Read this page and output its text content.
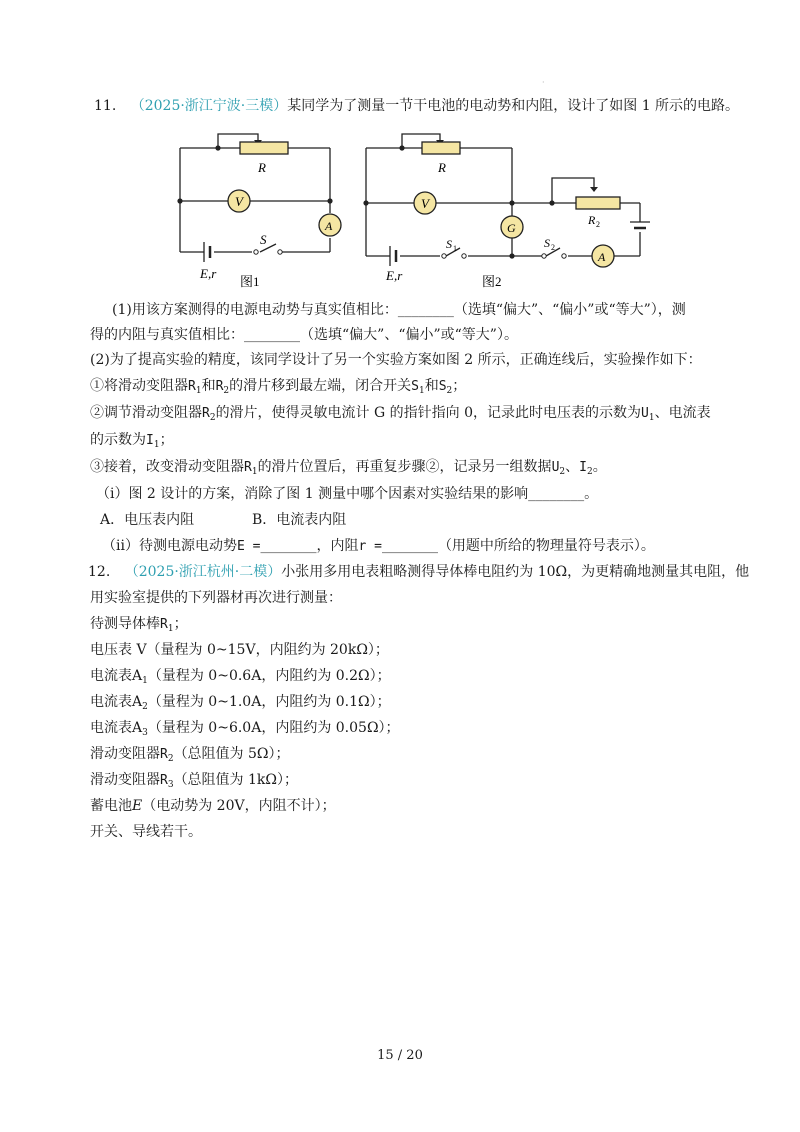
·
11. （2025·浙江宁波·三模）某同学为了测量一节干电池的电动势和内阻，设计了如图 1 所示的电路。
V
A
R
S
E,r
图1
V
G
A
R
R 2
S 1	S 2
E,r	图2
(1)用该方案测得的电源电动势与真实值相比：________（选填“偏大”、“偏小”或“等大”），测
得的内阻与真实值相比：________（选填“偏大”、“偏小”或“等大”）。
(2)为了提高实验的精度，该同学设计了另一个实验方案如图 2 所示，正确连线后，实验操作如下：
①将滑动变阻器$R_1$和$R_2$的滑片移到最左端，闭合开关$S_1$和$S_2$；
②调节滑动变阻器$R_2$的滑片，使得灵敏电流计 G 的指针指向 0，记录此时电压表的示数为$U_1$、电流表
的示数为$I_1$；
③接着，改变滑动变阻器$R_1$的滑片位置后，再重复步骤②，记录另一组数据$U_2$、$I_2$。
（i）图 2 设计的方案，消除了图 1 测量中哪个因素对实验结果的影响________。
A．电压表内阻	B．电流表内阻
（ii）待测电源电动势E =________，内阻r =________（用题中所给的物理量符号表示）。
12. （2025·浙江杭州·二模）小张用多用电表粗略测得导体棒电阻约为 10Ω，为更精确地测量其电阻，他
用实验室提供的下列器材再次进行测量：
待测导体棒$R_1$；
电压表 V（量程为 0~15V，内阻约为 20kΩ）；
电流表$A_1$（量程为 0~0.6A，内阻约为 0.2Ω）；
电流表$A_2$（量程为 0~1.0A，内阻约为 0.1Ω）；
电流表$A_3$（量程为 0~6.0A，内阻约为 0.05Ω）；
滑动变阻器$R_2$（总阻值为 5Ω）；
滑动变阻器$R_3$（总阻值为 1kΩ）；
蓄电池E（电动势为 20V，内阻不计）；
开关、导线若干。
15 / 20
